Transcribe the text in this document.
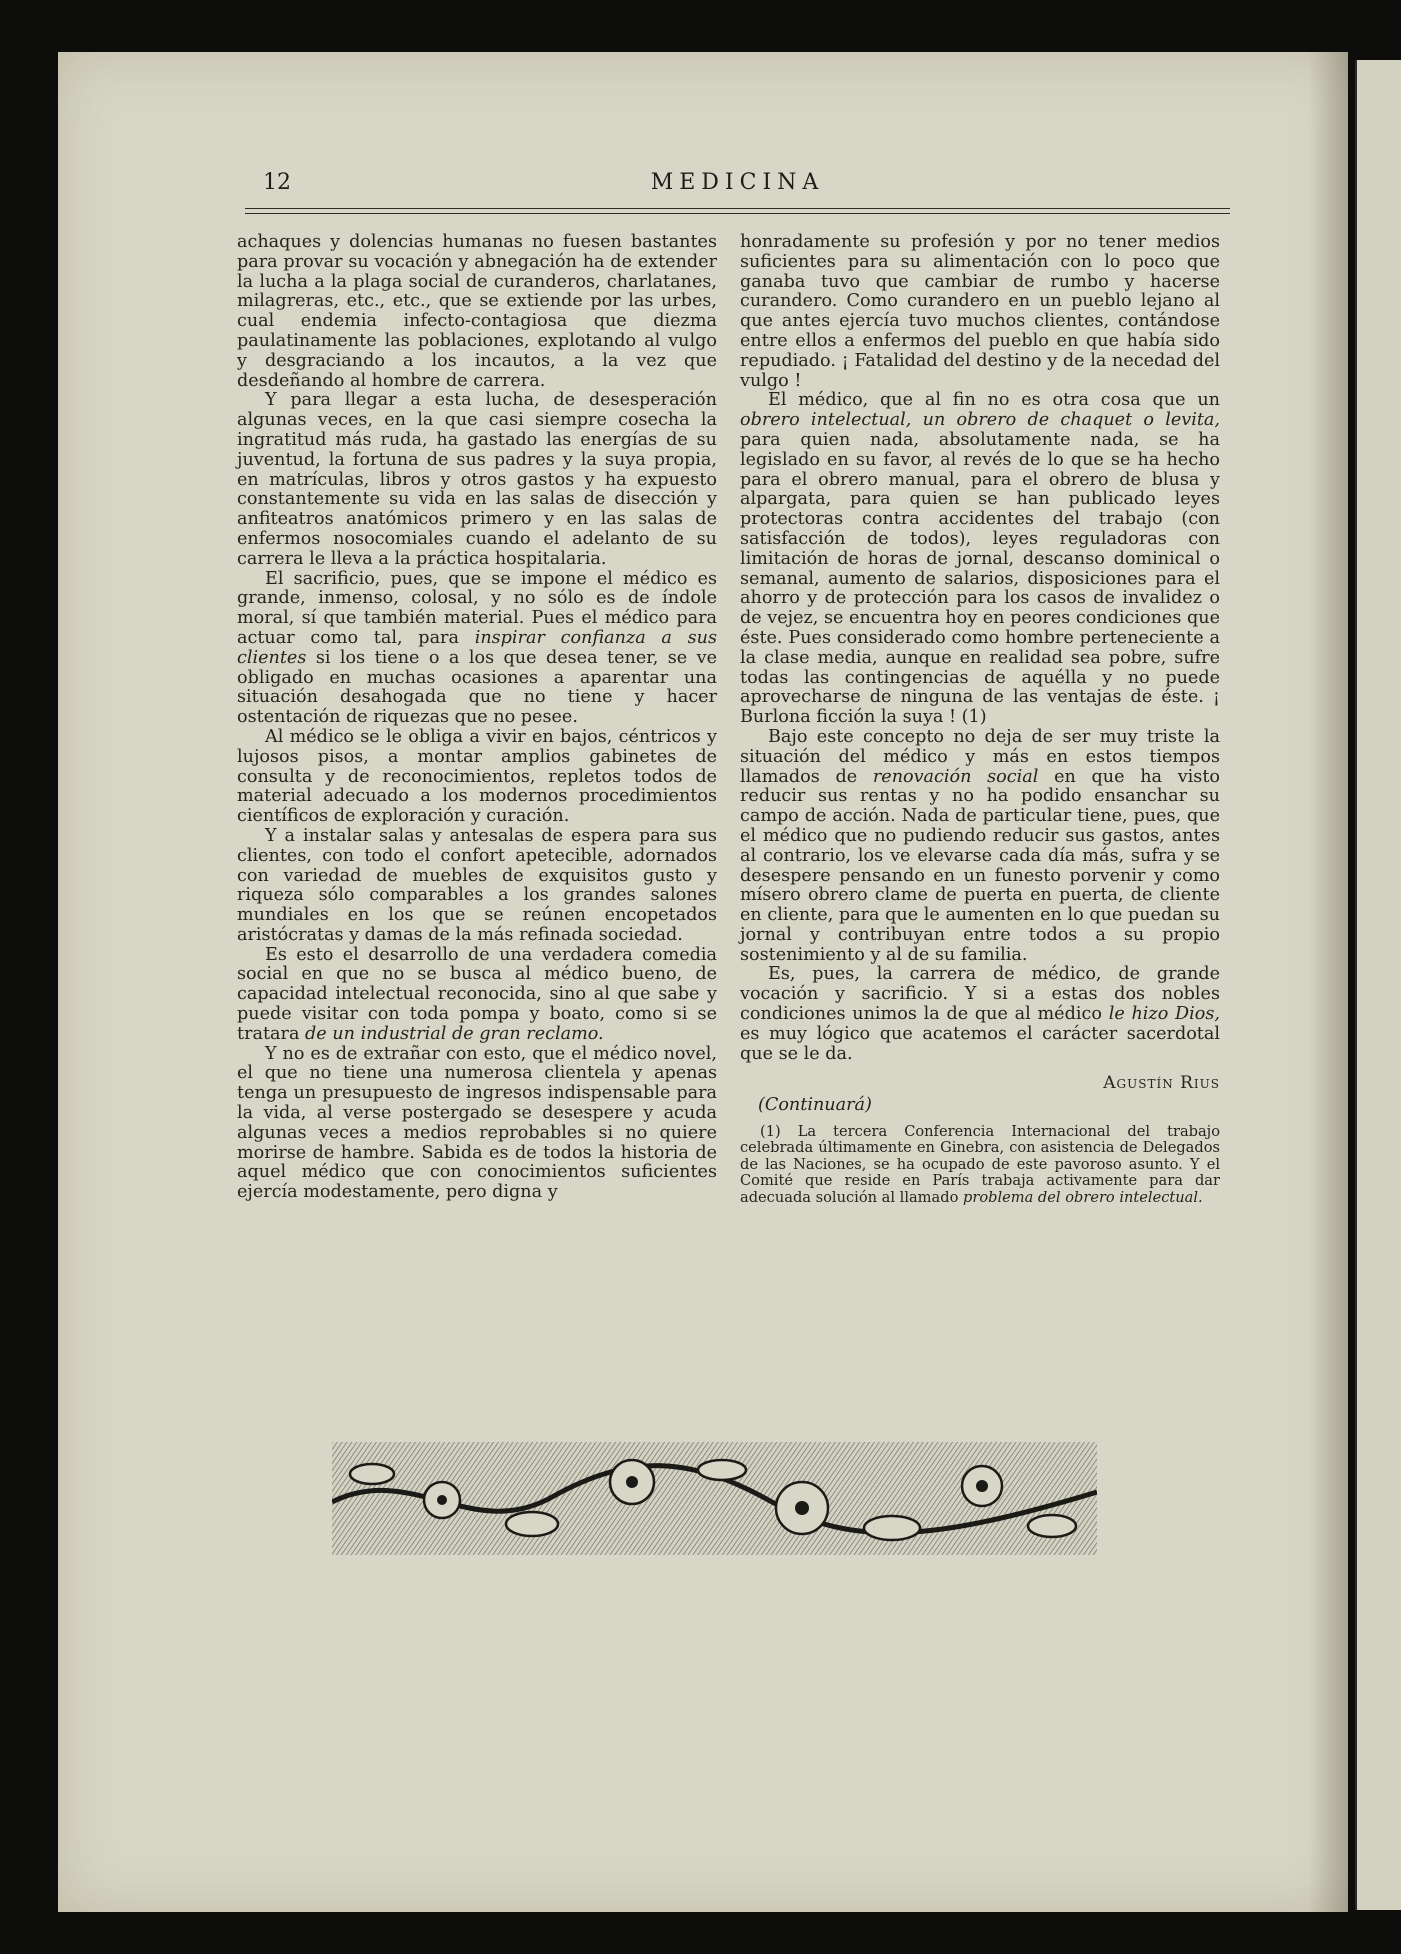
12	MEDICINA

achaques y dolencias humanas no fuesen bastantes para provar su vocación y abnegación ha de extender la lucha a la plaga social de curanderos, charlatanes, milagreras, etc., etc., que se extiende por las urbes, cual endemia infecto-contagiosa que diezma paulatinamente las poblaciones, explotando al vulgo y desgraciando a los incautos, a la vez que desdeñando al hombre de carrera.

Y para llegar a esta lucha, de desesperación algunas veces, en la que casi siempre cosecha la ingratitud más ruda, ha gastado las energías de su juventud, la fortuna de sus padres y la suya propia, en matrículas, libros y otros gastos y ha expuesto constantemente su vida en las salas de disección y anfiteatros anatómicos primero y en las salas de enfermos nosocomiales cuando el adelanto de su carrera le lleva a la práctica hospitalaria.

El sacrificio, pues, que se impone el médico es grande, inmenso, colosal, y no sólo es de índole moral, sí que también material. Pues el médico para actuar como tal, para inspirar confianza a sus clientes si los tiene o a los que desea tener, se ve obligado en muchas ocasiones a aparentar una situación desahogada que no tiene y hacer ostentación de riquezas que no pesee.

Al médico se le obliga a vivir en bajos, céntricos y lujosos pisos, a montar amplios gabinetes de consulta y de reconocimientos, repletos todos de material adecuado a los modernos procedimientos científicos de exploración y curación.

Y a instalar salas y antesalas de espera para sus clientes, con todo el confort apetecible, adornados con variedad de muebles de exquisitos gusto y riqueza sólo comparables a los grandes salones mundiales en los que se reúnen encopetados aristócratas y damas de la más refinada sociedad.

Es esto el desarrollo de una verdadera comedia social en que no se busca al médico bueno, de capacidad intelectual reconocida, sino al que sabe y puede visitar con toda pompa y boato, como si se tratara de un industrial de gran reclamo.

Y no es de extrañar con esto, que el médico novel, el que no tiene una numerosa clientela y apenas tenga un presupuesto de ingresos indispensable para la vida, al verse postergado se desespere y acuda algunas veces a medios reprobables si no quiere morirse de hambre. Sabida es de todos la historia de aquel médico que con conocimientos suficientes ejercía modestamente, pero digna y

honradamente su profesión y por no tener medios suficientes para su alimentación con lo poco que ganaba tuvo que cambiar de rumbo y hacerse curandero. Como curandero en un pueblo lejano al que antes ejercía tuvo muchos clientes, contándose entre ellos a enfermos del pueblo en que había sido repudiado. ¡ Fatalidad del destino y de la necedad del vulgo !

El médico, que al fin no es otra cosa que un obrero intelectual, un obrero de chaquet o levita, para quien nada, absolutamente nada, se ha legislado en su favor, al revés de lo que se ha hecho para el obrero manual, para el obrero de blusa y alpargata, para quien se han publicado leyes protectoras contra accidentes del trabajo (con satisfacción de todos), leyes reguladoras con limitación de horas de jornal, descanso dominical o semanal, aumento de salarios, disposiciones para el ahorro y de protección para los casos de invalidez o de vejez, se encuentra hoy en peores condiciones que éste. Pues considerado como hombre perteneciente a la clase media, aunque en realidad sea pobre, sufre todas las contingencias de aquélla y no puede aprovecharse de ninguna de las ventajas de éste. ¡ Burlona ficción la suya ! (1)

Bajo este concepto no deja de ser muy triste la situación del médico y más en estos tiempos llamados de renovación social en que ha visto reducir sus rentas y no ha podido ensanchar su campo de acción. Nada de particular tiene, pues, que el médico que no pudiendo reducir sus gastos, antes al contrario, los ve elevarse cada día más, sufra y se desespere pensando en un funesto porvenir y como mísero obrero clame de puerta en puerta, de cliente en cliente, para que le aumenten en lo que puedan su jornal y contribuyan entre todos a su propio sostenimiento y al de su familia.

Es, pues, la carrera de médico, de grande vocación y sacrificio. Y si a estas dos nobles condiciones unimos la de que al médico le hizo Dios, es muy lógico que acatemos el carácter sacerdotal que se le da.

Agustín Rius
(Continuará)
(1) La tercera Conferencia Internacional del trabajo celebrada últimamente en Ginebra, con asistencia de Delegados de las Naciones, se ha ocupado de este pavoroso asunto. Y el Comité que reside en París trabaja activamente para dar adecuada solución al llamado problema del obrero intelectual.
